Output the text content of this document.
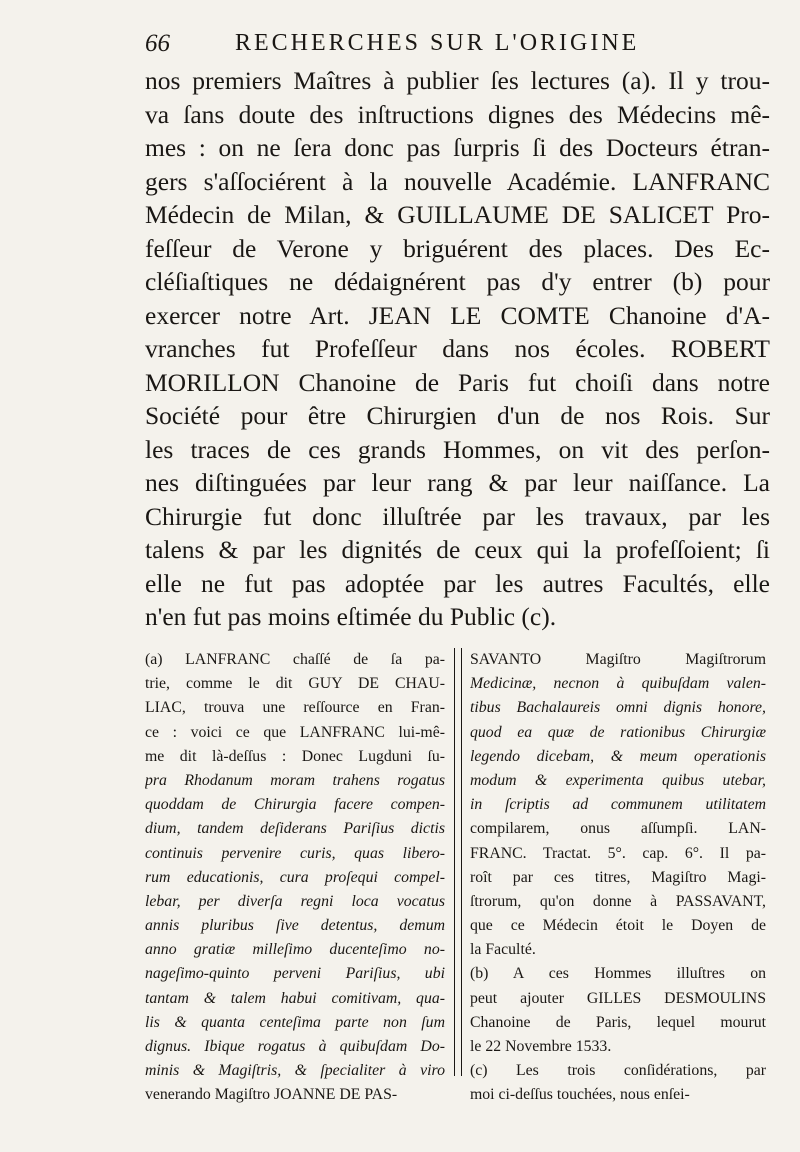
66	RECHERCHES SUR L'ORIGINE
nos premiers Maîtres à publier ſes lectures (a). Il y trou-
va ſans doute des inſtructions dignes des Médecins mê-
mes : on ne ſera donc pas ſurpris ſi des Docteurs étran-
gers s'aſſociérent à la nouvelle Académie. LANFRANC
Médecin de Milan, & GUILLAUME DE SALICET Pro-
feſſeur de Verone y briguérent des places. Des Ec-
cléſiaſtiques ne dédaignérent pas d'y entrer (b) pour
exercer notre Art. JEAN LE COMTE Chanoine d'A-
vranches fut Profeſſeur dans nos écoles. ROBERT
MORILLON Chanoine de Paris fut choiſi dans notre
Société pour être Chirurgien d'un de nos Rois. Sur
les traces de ces grands Hommes, on vit des perſon-
nes diſtinguées par leur rang & par leur naiſſance. La
Chirurgie fut donc illuſtrée par les travaux, par les
talens & par les dignités de ceux qui la profeſſoient; ſi
elle ne fut pas adoptée par les autres Facultés, elle
n'en fut pas moins eſtimée du Public (c).
(a) LANFRANC chaſſé de ſa pa-
trie, comme le dit GUY DE CHAU-
LIAC, trouva une reſſource en Fran-
ce : voici ce que LANFRANC lui-mê-
me dit là-deſſus : Donec Lugduni ſu-
pra Rhodanum moram trahens rogatus
quoddam de Chirurgia facere compen-
dium, tandem deſiderans Pariſius dictis
continuis pervenire curis, quas libero-
rum educationis, cura proſequi compel-
lebar, per diverſa regni loca vocatus
annis pluribus ſive detentus, demum
anno gratiæ milleſimo ducenteſimo no-
nageſimo-quinto perveni Pariſius, ubi
tantam & talem habui comitivam, qua-
lis & quanta centeſima parte non ſum
dignus. Ibique rogatus à quibuſdam Do-
minis & Magiſtris, & ſpecialiter à viro
venerando Magiſtro JOANNE DE PAS-
SAVANTO Magiſtro Magiſtrorum
Medicinæ, necnon à quibuſdam valen-
tibus Bachalaureis omni dignis honore,
quod ea quæ de rationibus Chirurgiæ
legendo dicebam, & meum operationis
modum & experimenta quibus utebar,
in ſcriptis ad communem utilitatem
compilarem, onus aſſumpſi. LAN-
FRANC. Tractat. 5°. cap. 6°. Il pa-
roît par ces titres, Magiſtro Magi-
ſtrorum, qu'on donne à PASSAVANT,
que ce Médecin étoit le Doyen de
la Faculté.
(b) A ces Hommes illuſtres on
peut ajouter GILLES DESMOULINS
Chanoine de Paris, lequel mourut
le 22 Novembre 1533.
(c) Les trois conſidérations, par
moi ci-deſſus touchées, nous enſei-
